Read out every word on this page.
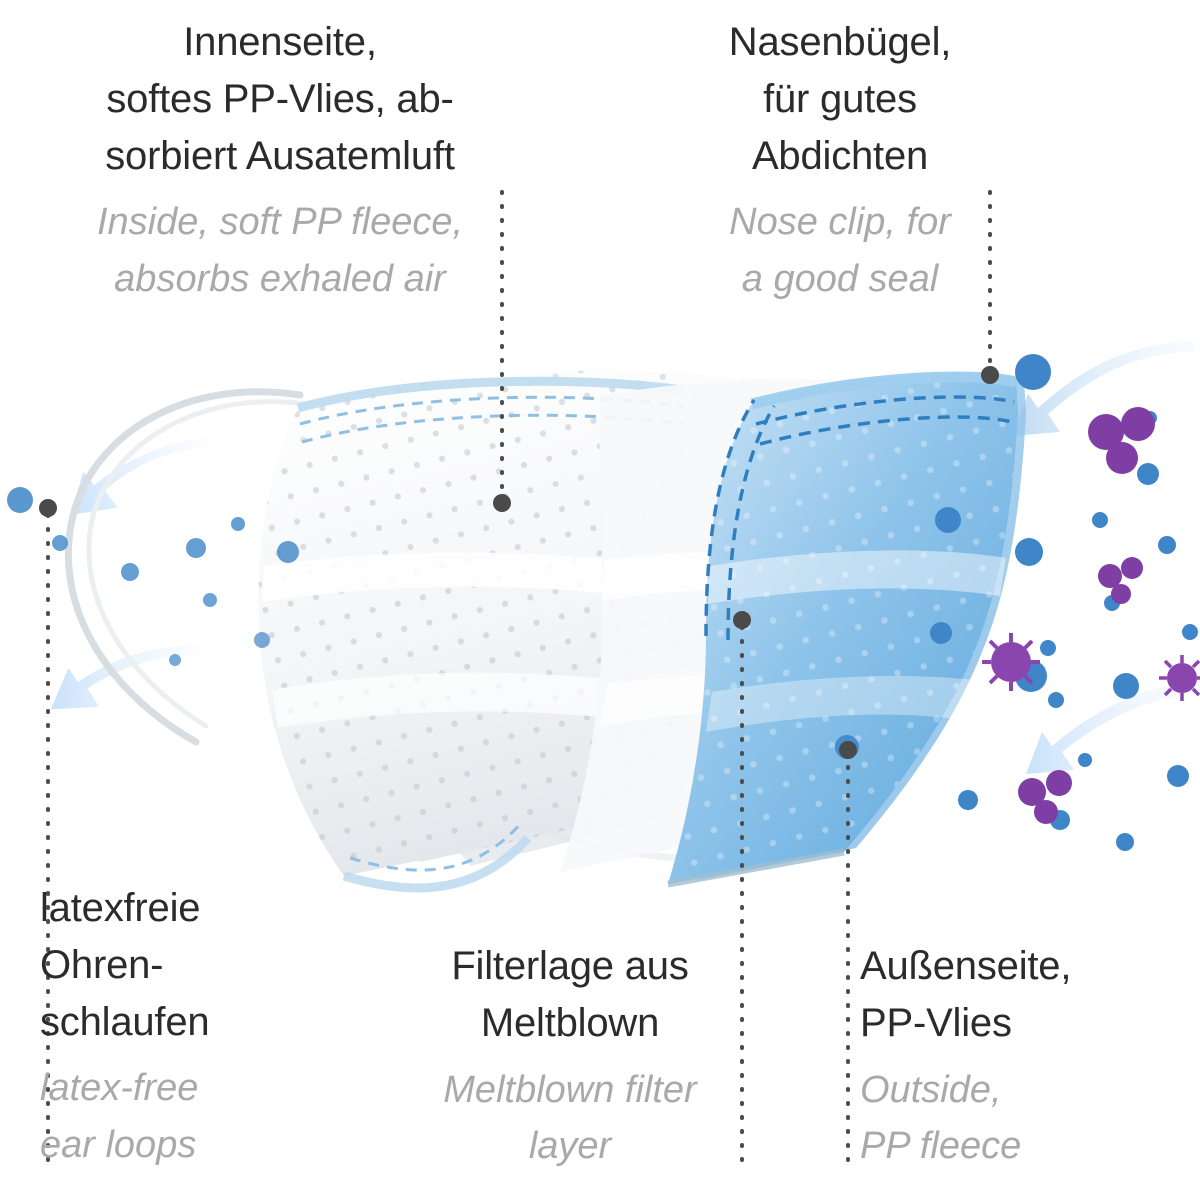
Innenseite,
softes PP-Vlies, ab-
sorbiert Ausatemluft
Inside, soft PP fleece,
absorbs exhaled air
Nasenbügel,
für gutes
Abdichten
Nose clip, for
a good seal
latexfreie
Ohren-
schlaufen
latex-free
ear loops
Filterlage aus
Meltblown
Meltblown filter
layer
Außenseite,
PP-Vlies
Outside,
PP fleece
